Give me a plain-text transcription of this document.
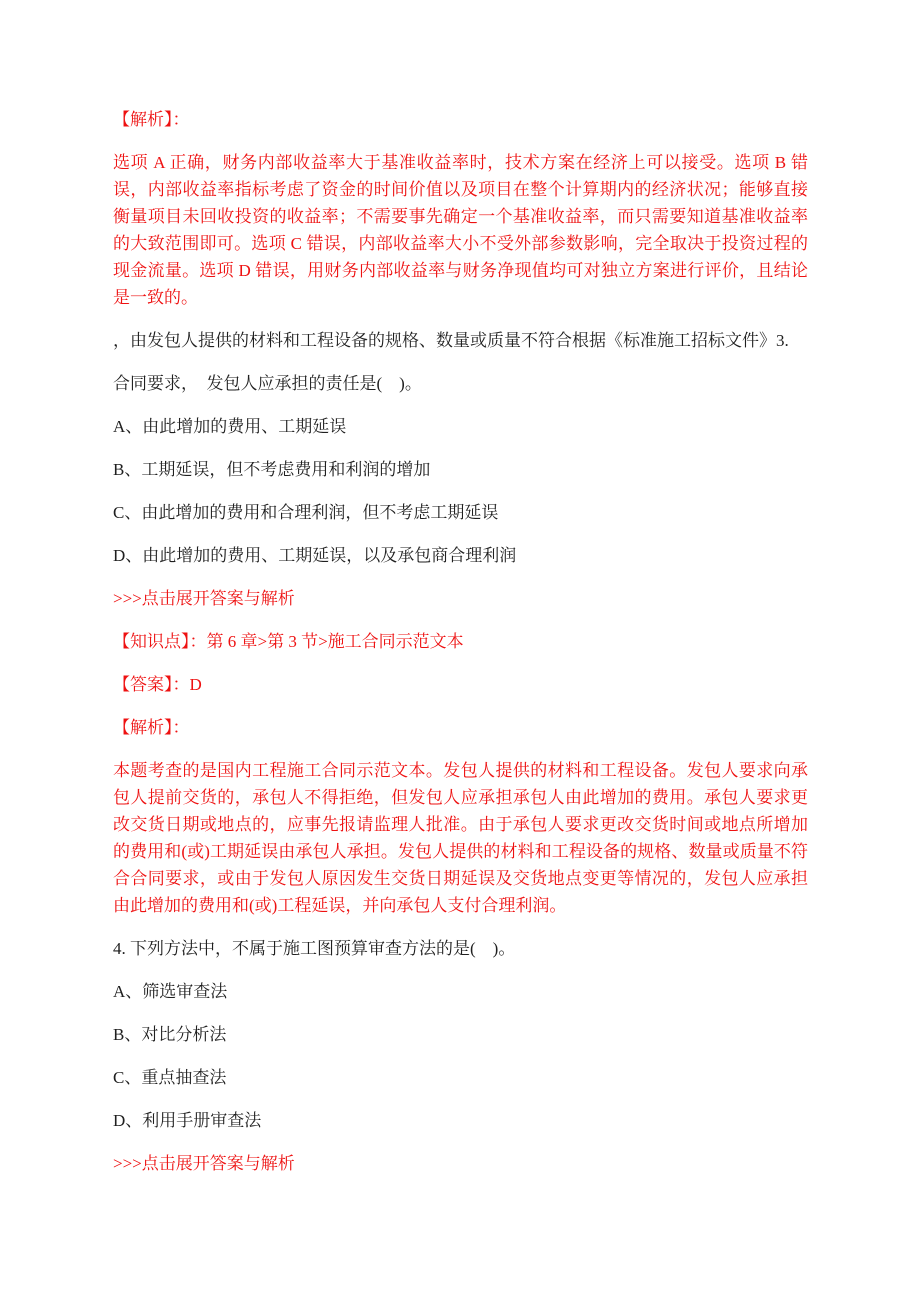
【解析】：

选项 A 正确，财务内部收益率大于基准收益率时，技术方案在经济上可以接受。选项 B 错误，内部收益率指标考虑了资金的时间价值以及项目在整个计算期内的经济状况；能够直接衡量项目未回收投资的收益率；不需要事先确定一个基准收益率，而只需要知道基准收益率的大致范围即可。选项 C 错误，内部收益率大小不受外部参数影响，完全取决于投资过程的现金流量。选项 D 错误，用财务内部收益率与财务净现值均可对独立方案进行评价，且结论是一致的。

，由发包人提供的材料和工程设备的规格、数量或质量不符合根据《标准施工招标文件》3.

合同要求，　发包人应承担的责任是(　)。

A、由此增加的费用、工期延误

B、工期延误，但不考虑费用和利润的增加

C、由此增加的费用和合理利润，但不考虑工期延误

D、由此增加的费用、工期延误，以及承包商合理利润

>>>点击展开答案与解析

【知识点】：第 6 章>第 3 节>施工合同示范文本

【答案】：D

【解析】：

本题考查的是国内工程施工合同示范文本。发包人提供的材料和工程设备。发包人要求向承包人提前交货的，承包人不得拒绝，但发包人应承担承包人由此增加的费用。承包人要求更改交货日期或地点的，应事先报请监理人批准。由于承包人要求更改交货时间或地点所增加的费用和(或)工期延误由承包人承担。发包人提供的材料和工程设备的规格、数量或质量不符合合同要求，或由于发包人原因发生交货日期延误及交货地点变更等情况的，发包人应承担由此增加的费用和(或)工程延误，并向承包人支付合理利润。

4. 下列方法中，不属于施工图预算审查方法的是(　)。

A、筛选审查法

B、对比分析法

C、重点抽查法

D、利用手册审查法

>>>点击展开答案与解析
